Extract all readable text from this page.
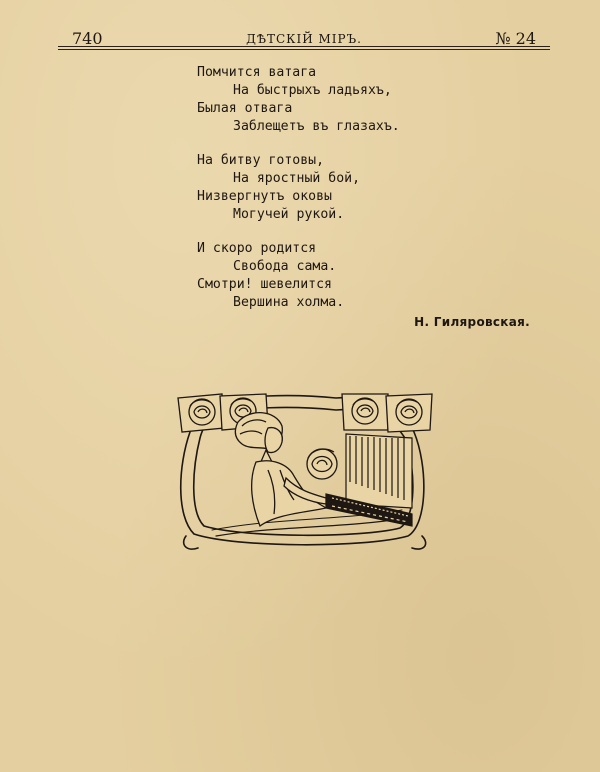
740	ДѢТСКІЙ МІРЪ.	№ 24
Помчится ватага
На быстрыхъ ладьяхъ,
Былая отвага
Заблещетъ въ глазахъ.
На битву готовы,
На яростный бой,
Низвергнутъ оковы
Могучей рукой.
И скоро родится
Свобода сама.
Смотри! шевелится
Вершина холма.
Н. Гиляровская.
